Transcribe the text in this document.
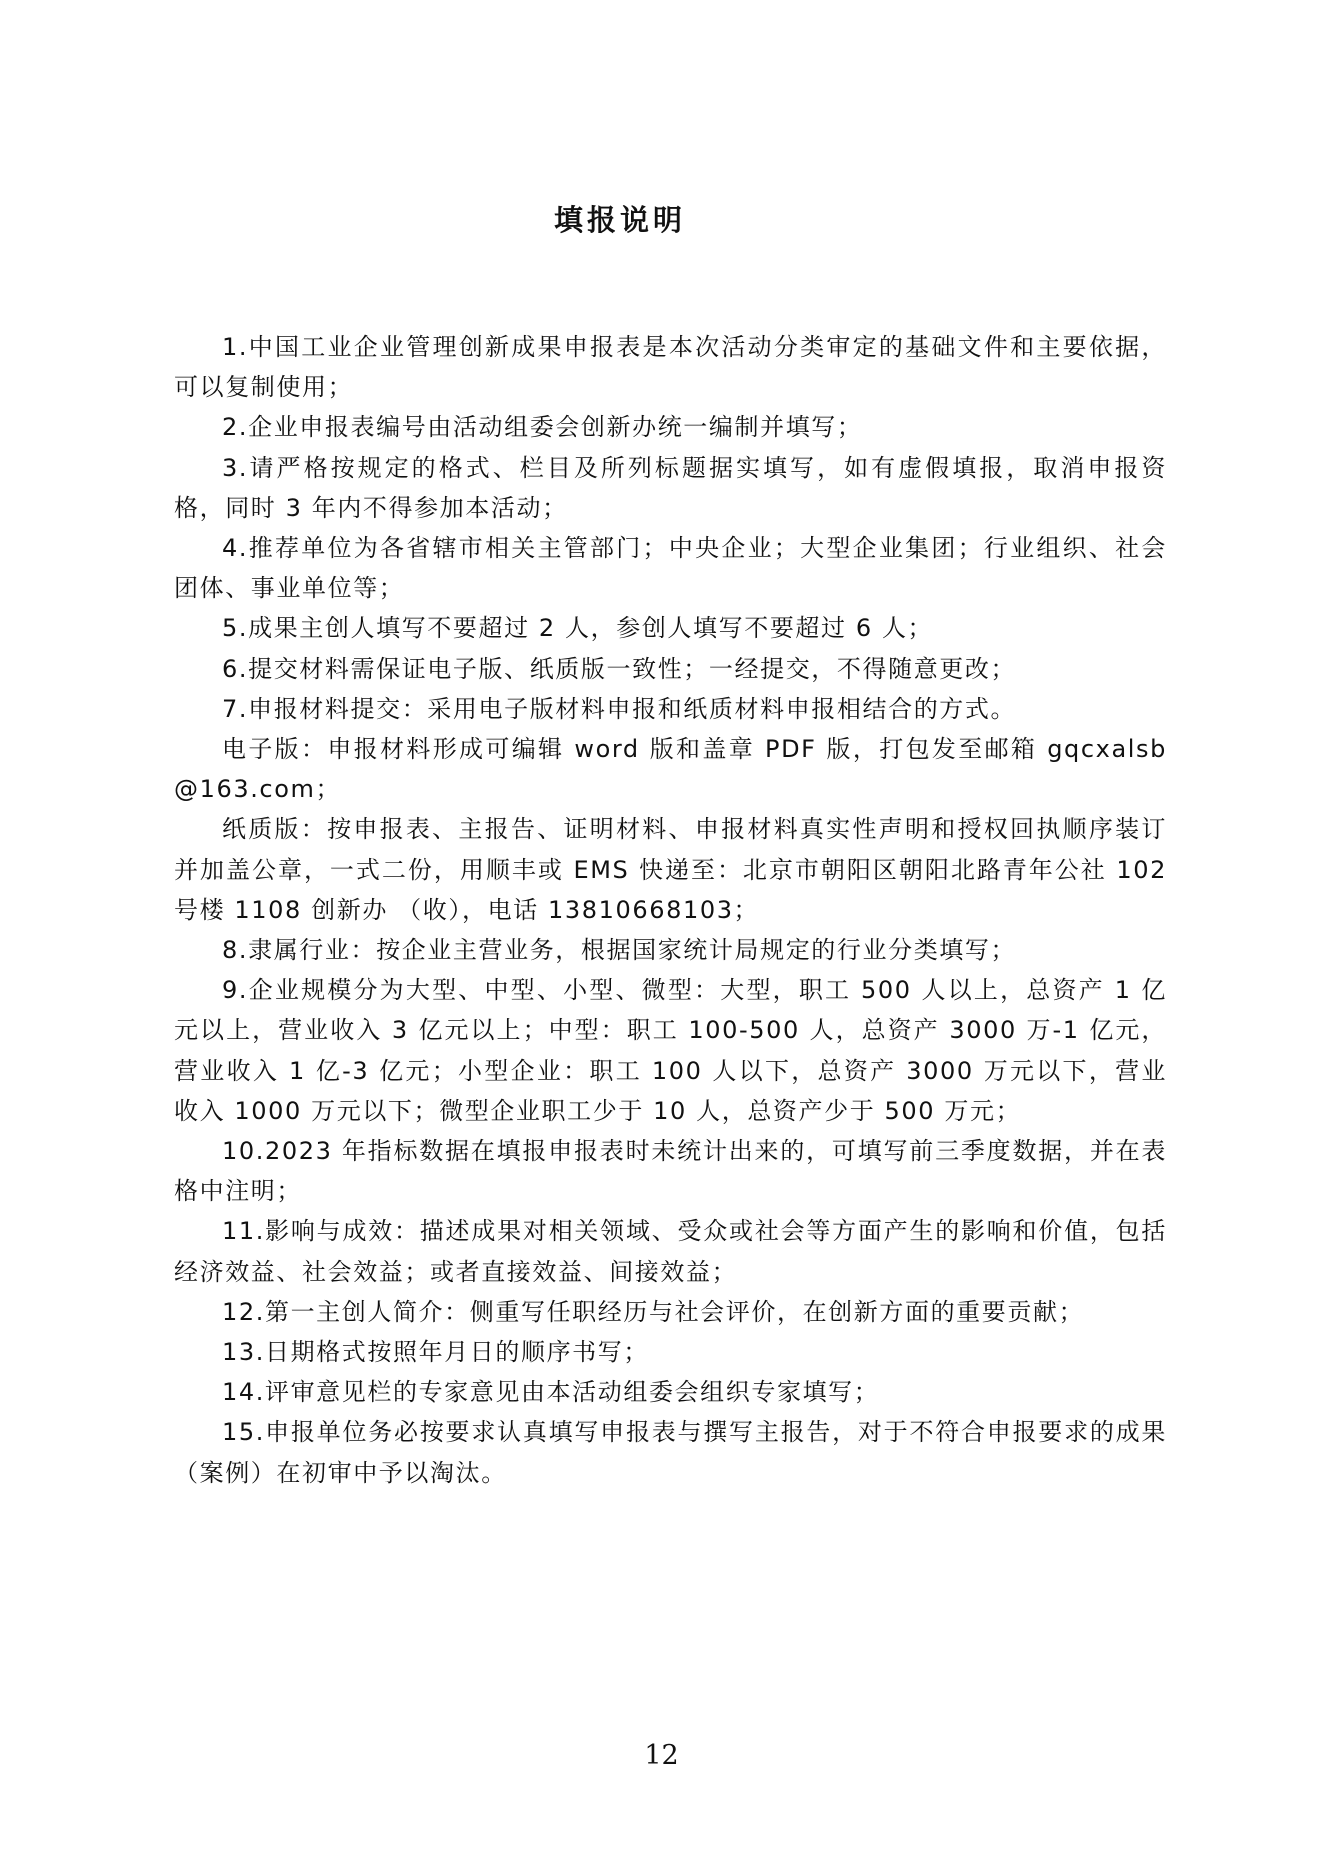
填报说明

1.中国工业企业管理创新成果申报表是本次活动分类审定的基础文件和主要依据，可以复制使用；

2.企业申报表编号由活动组委会创新办统一编制并填写；

3.请严格按规定的格式、栏目及所列标题据实填写，如有虚假填报，取消申报资格，同时 3 年内不得参加本活动；

4.推荐单位为各省辖市相关主管部门；中央企业；大型企业集团；行业组织、社会团体、事业单位等；

5.成果主创人填写不要超过 2 人，参创人填写不要超过 6 人；

6.提交材料需保证电子版、纸质版一致性；一经提交，不得随意更改；

7.申报材料提交：采用电子版材料申报和纸质材料申报相结合的方式。

电子版：申报材料形成可编辑 word 版和盖章 PDF 版，打包发至邮箱 gqcxalsb@163.com；

纸质版：按申报表、主报告、证明材料、申报材料真实性声明和授权回执顺序装订并加盖公章，一式二份，用顺丰或 EMS 快递至：北京市朝阳区朝阳北路青年公社 102 号楼 1108 创新办 （收），电话 13810668103；

8.隶属行业：按企业主营业务，根据国家统计局规定的行业分类填写；

9.企业规模分为大型、中型、小型、微型：大型，职工 500 人以上，总资产 1 亿元以上，营业收入 3 亿元以上；中型：职工 100-500 人，总资产 3000 万-1 亿元，营业收入 1 亿-3 亿元；小型企业：职工 100 人以下，总资产 3000 万元以下，营业收入 1000 万元以下；微型企业职工少于 10 人，总资产少于 500 万元；

10.2023 年指标数据在填报申报表时未统计出来的，可填写前三季度数据，并在表格中注明；

11.影响与成效：描述成果对相关领域、受众或社会等方面产生的影响和价值，包括经济效益、社会效益；或者直接效益、间接效益；

12.第一主创人简介：侧重写任职经历与社会评价，在创新方面的重要贡献；

13.日期格式按照年月日的顺序书写；

14.评审意见栏的专家意见由本活动组委会组织专家填写；

15.申报单位务必按要求认真填写申报表与撰写主报告，对于不符合申报要求的成果（案例）在初审中予以淘汰。

12
